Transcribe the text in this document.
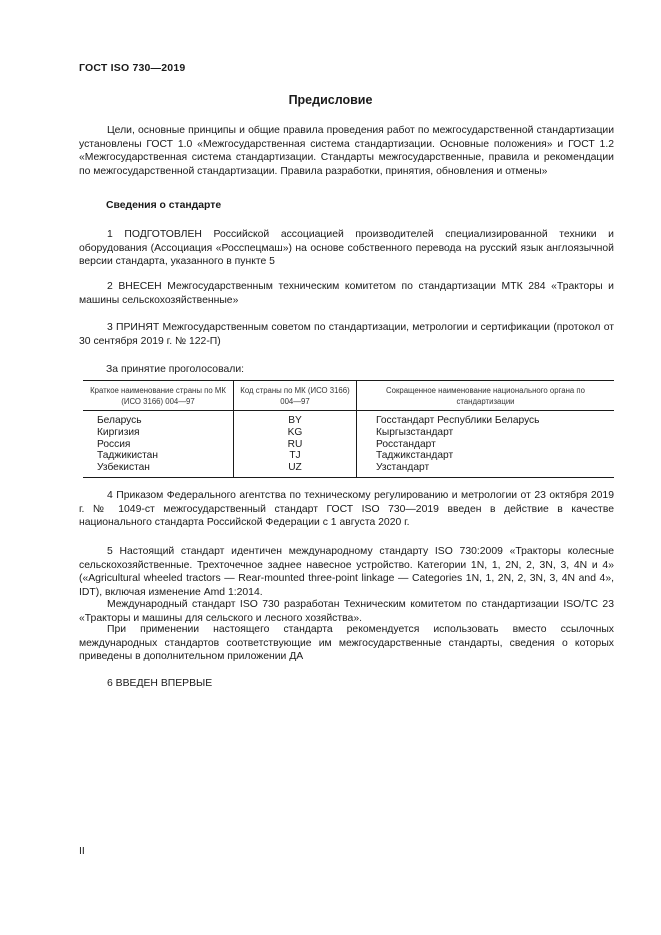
ГОСТ ISO 730—2019
Предисловие

Цели, основные принципы и общие правила проведения работ по межгосударственной стандартизации установлены ГОСТ 1.0 «Межгосударственная система стандартизации. Основные положения» и ГОСТ 1.2 «Межгосударственная система стандартизации. Стандарты межгосударственные, правила и рекомендации по межгосударственной стандартизации. Правила разработки, принятия, обновления и отмены»

Сведения о стандарте

1 ПОДГОТОВЛЕН Российской ассоциацией производителей специализированной техники и оборудования (Ассоциация «Росспецмаш») на основе собственного перевода на русский язык англоязычной версии стандарта, указанного в пункте 5

2 ВНЕСЕН Межгосударственным техническим комитетом по стандартизации МТК 284 «Тракторы и машины сельскохозяйственные»

3 ПРИНЯТ Межгосударственным советом по стандартизации, метрологии и сертификации (протокол от 30 сентября 2019 г. № 122-П)

За принятие проголосовали:
Краткое наименование страны по МК (ИСО 3166) 004—97	Код страны по МК (ИСО 3166) 004—97	Сокращенное наименование национального органа по стандартизации
Беларусь	BY	Госстандарт Республики Беларусь
Киргизия	KG	Кыргызстандарт
Россия	RU	Росстандарт
Таджикистан	TJ	Таджикстандарт
Узбекистан	UZ	Узстандарт

4 Приказом Федерального агентства по техническому регулированию и метрологии от 23 октября 2019 г. № 1049-ст межгосударственный стандарт ГОСТ ISO 730—2019 введен в действие в качестве национального стандарта Российской Федерации с 1 августа 2020 г.

5 Настоящий стандарт идентичен международному стандарту ISO 730:2009 «Тракторы колесные сельскохозяйственные. Трехточечное заднее навесное устройство. Категории 1N, 1, 2N, 2, 3N, 3, 4N и 4» («Agricultural wheeled tractors — Rear-mounted three-point linkage — Categories 1N, 1, 2N, 2, 3N, 3, 4N and 4», IDT), включая изменение Amd 1:2014.

Международный стандарт ISO 730 разработан Техническим комитетом по стандартизации ISO/TC 23 «Тракторы и машины для сельского и лесного хозяйства».

При применении настоящего стандарта рекомендуется использовать вместо ссылочных международных стандартов соответствующие им межгосударственные стандарты, сведения о которых приведены в дополнительном приложении ДА

6 ВВЕДЕН ВПЕРВЫЕ

II
